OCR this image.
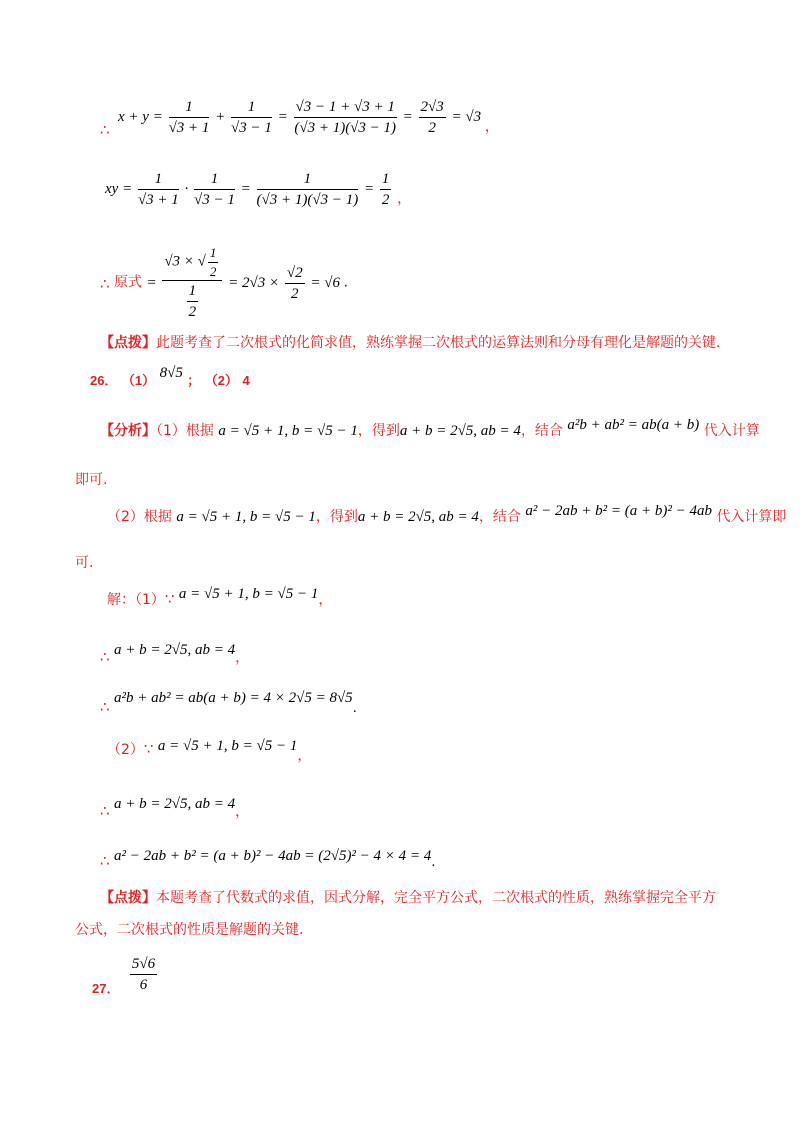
∴ $x + y = \frac{1}{√3 + 1} + \frac{1}{√3 - 1} = \frac{√3 - 1 + √3 + 1}{(√3 + 1)(√3 - 1)} = \frac{2√3}{2} = √3$ ，
xy = $\frac{1}{√3 + 1} \cdot \frac{1}{√3 - 1} = \frac{1}{(√3 + 1)(√3 - 1)} = \frac{1}{2}$ ，
∴ 原式 = $\frac{√3 \times √ \frac{1}{2}}{\frac{1}{2}} = 2√3 \times \frac{√2}{2} = √6$ .
【点拨】此题考查了二次根式的化简求值，熟练掌握二次根式的运算法则和分母有理化是解题的关键.
26． （1） 8√5 ； （2） 4
【分析】（1）根据 a = √5 + 1, b = √5 − 1，得到a + b = 2√5, ab = 4，结合 a²b + ab² = ab(a + b) 代入计算
即可.
（2）根据 a = √5 + 1, b = √5 − 1，得到a + b = 2√5, ab = 4，结合 a² − 2ab + b² = (a + b)² − 4ab 代入计算即
可.
解：（1）∵ a = √5 + 1, b = √5 − 1，
∴ a + b = 2√5, ab = 4，
∴ a²b + ab² = ab(a + b) = 4 × 2√5 = 8√5.
（2）∵ a = √5 + 1, b = √5 − 1，
∴ a + b = 2√5, ab = 4，
∴ a² − 2ab + b² = (a + b)² − 4ab = (2√5)² − 4 × 4 = 4.
【点拨】本题考查了代数式的求值，因式分解，完全平方公式，二次根式的性质，熟练掌握完全平方
公式，二次根式的性质是解题的关键.
27． $\frac{5√6}{6}$
